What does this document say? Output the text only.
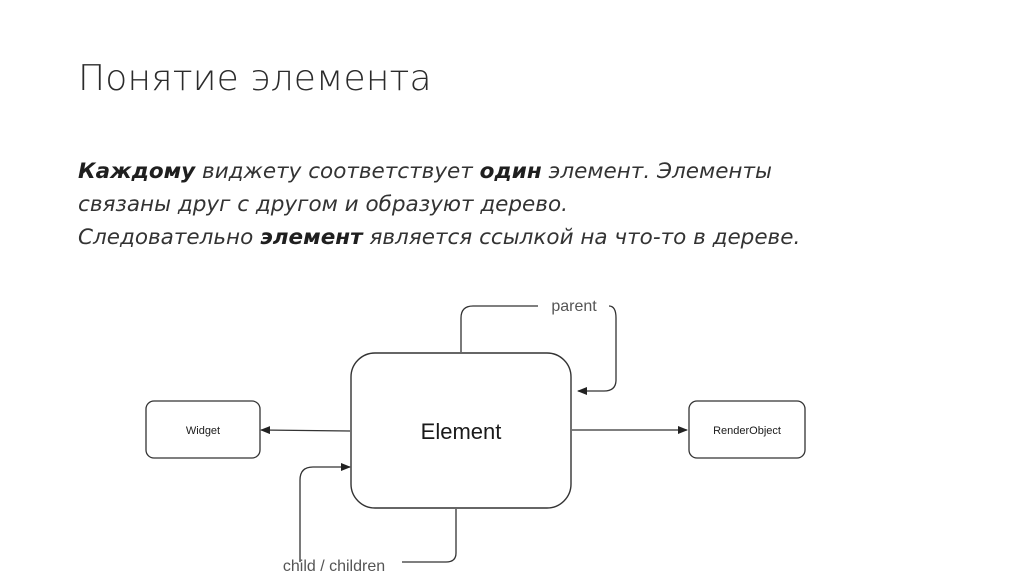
Понятие элемента

Каждому виджету соответствует один элемент. Элементы

связаны друг с другом и образуют дерево.

Следовательно элемент является ссылкой на что-то в дереве.

parent
child / children
Widget	Element	RenderObject
